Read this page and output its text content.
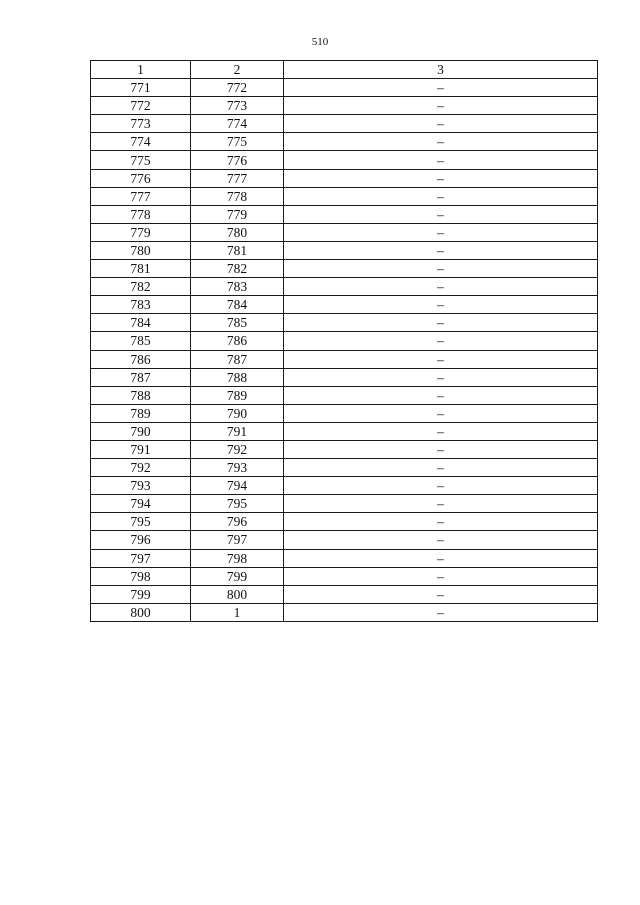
510
1	2	3
771	772	–
772	773	–
773	774	–
774	775	–
775	776	–
776	777	–
777	778	–
778	779	–
779	780	–
780	781	–
781	782	–
782	783	–
783	784	–
784	785	–
785	786	–
786	787	–
787	788	–
788	789	–
789	790	–
790	791	–
791	792	–
792	793	–
793	794	–
794	795	–
795	796	–
796	797	–
797	798	–
798	799	–
799	800	–
800	1	–
